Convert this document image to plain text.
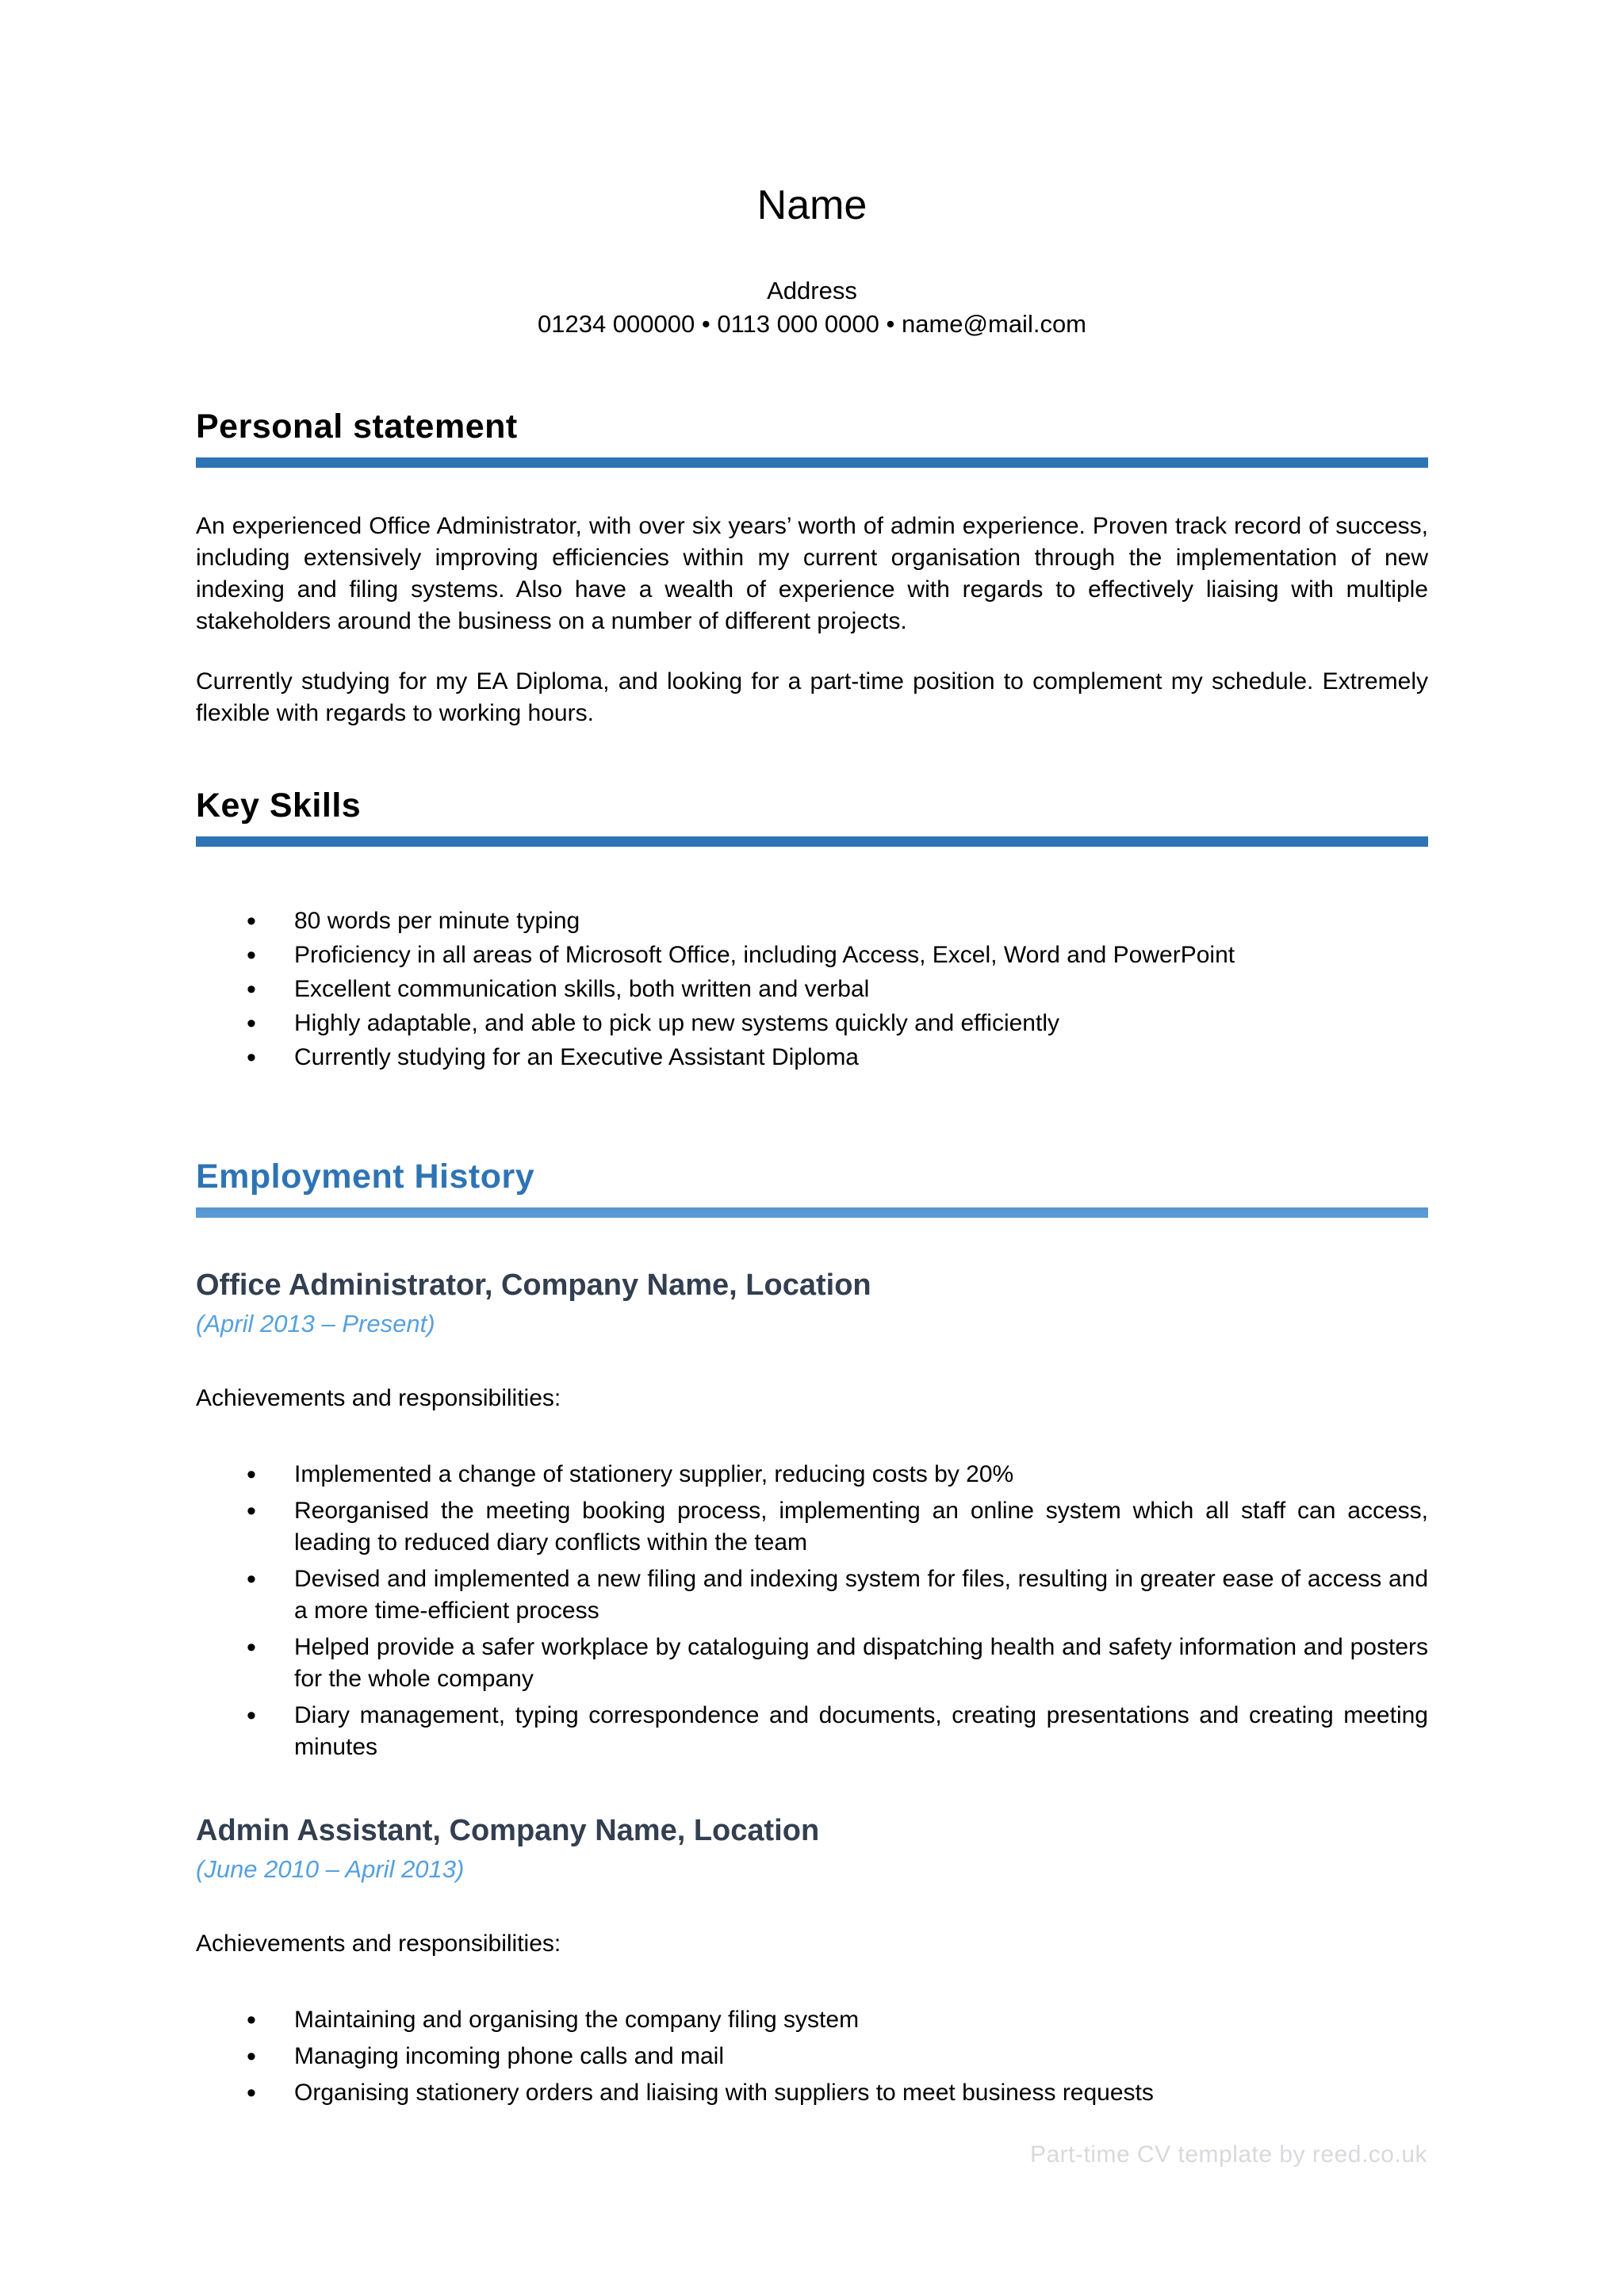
Name
Address
01234 000000 • 0113 000 0000 • name@mail.com
Personal statement

An experienced Office Administrator, with over six years’ worth of admin experience. Proven track record of success, including extensively improving efficiencies within my current organisation through the implementation of new indexing and filing systems. Also have a wealth of experience with regards to effectively liaising with multiple stakeholders around the business on a number of different projects.

Currently studying for my EA Diploma, and looking for a part-time position to complement my schedule. Extremely flexible with regards to working hours.

Key Skills
• 80 words per minute typing
• Proficiency in all areas of Microsoft Office, including Access, Excel, Word and PowerPoint
• Excellent communication skills, both written and verbal
• Highly adaptable, and able to pick up new systems quickly and efficiently
• Currently studying for an Executive Assistant Diploma
Employment History
Office Administrator, Company Name, Location
(April 2013 – Present)
Achievements and responsibilities:
• Implemented a change of stationery supplier, reducing costs by 20%
• Reorganised the meeting booking process, implementing an online system which all staff can access, leading to reduced diary conflicts within the team
• Devised and implemented a new filing and indexing system for files, resulting in greater ease of access and a more time-efficient process
• Helped provide a safer workplace by cataloguing and dispatching health and safety information and posters for the whole company
• Diary management, typing correspondence and documents, creating presentations and creating meeting minutes
Admin Assistant, Company Name, Location
(June 2010 – April 2013)
Achievements and responsibilities:
• Maintaining and organising the company filing system
• Managing incoming phone calls and mail
• Organising stationery orders and liaising with suppliers to meet business requests
Part-time CV template by reed.co.uk
